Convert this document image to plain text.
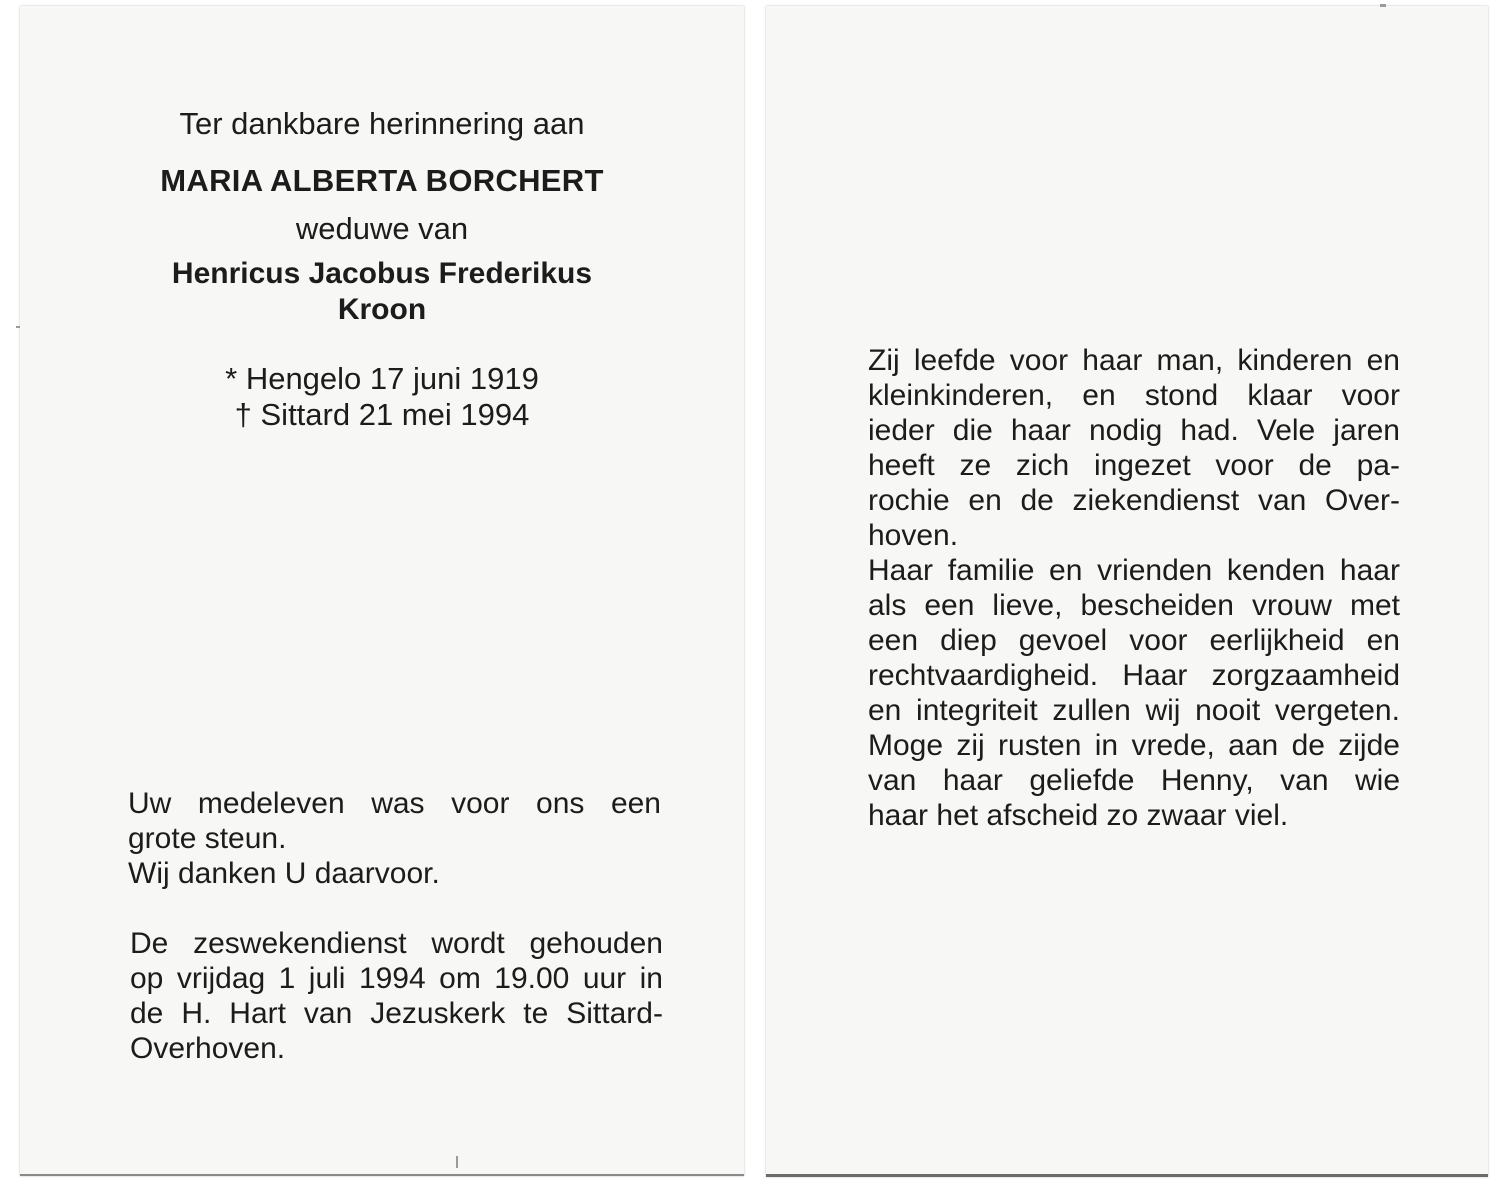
Ter dankbare herinnering aan
MARIA ALBERTA BORCHERT
weduwe van
Henricus Jacobus Frederikus
Kroon
* Hengelo 17 juni 1919
† Sittard 21 mei 1994
Uw medeleven was voor ons een
grote steun.
Wij danken U daarvoor.
De zeswekendienst wordt gehouden
op vrijdag 1 juli 1994 om 19.00 uur in
de H. Hart van Jezuskerk te Sittard-
Overhoven.
Zij leefde voor haar man, kinderen en
kleinkinderen, en stond klaar voor
ieder die haar nodig had. Vele jaren
heeft ze zich ingezet voor de pa-
rochie en de ziekendienst van Over-
hoven.
Haar familie en vrienden kenden haar
als een lieve, bescheiden vrouw met
een diep gevoel voor eerlijkheid en
rechtvaardigheid. Haar zorgzaamheid
en integriteit zullen wij nooit vergeten.
Moge zij rusten in vrede, aan de zijde
van haar geliefde Henny, van wie
haar het afscheid zo zwaar viel.
